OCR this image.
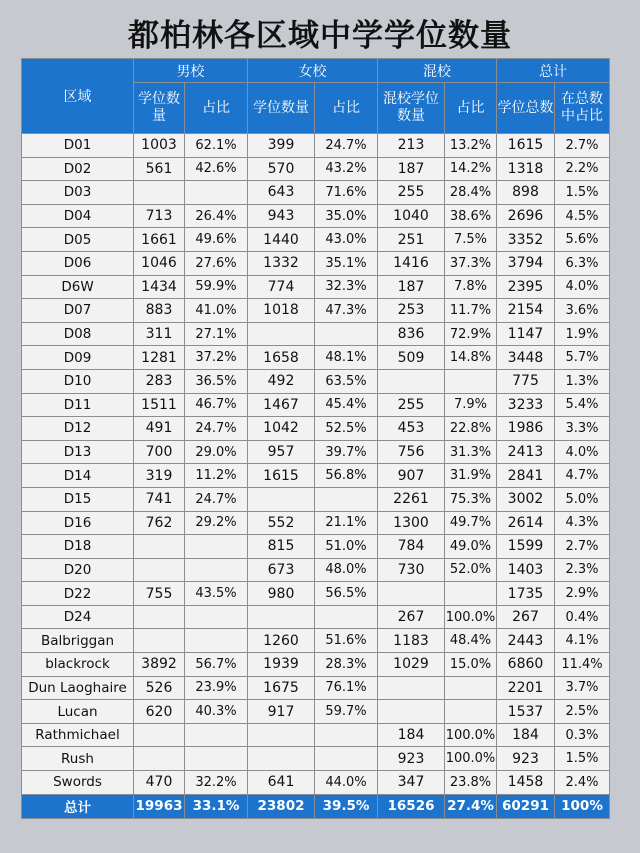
都柏林各区域中学学位数量
区域	男校		女校		混校		总计	
	学位数量	占比	学位数量	占比	混校学位数量	占比	学位总数	在总数中占比
D01	1003	62.1%	399	24.7%	213	13.2%	1615	2.7%
D02	561	42.6%	570	43.2%	187	14.2%	1318	2.2%
D03			643	71.6%	255	28.4%	898	1.5%
D04	713	26.4%	943	35.0%	1040	38.6%	2696	4.5%
D05	1661	49.6%	1440	43.0%	251	7.5%	3352	5.6%
D06	1046	27.6%	1332	35.1%	1416	37.3%	3794	6.3%
D6W	1434	59.9%	774	32.3%	187	7.8%	2395	4.0%
D07	883	41.0%	1018	47.3%	253	11.7%	2154	3.6%
D08	311	27.1%			836	72.9%	1147	1.9%
D09	1281	37.2%	1658	48.1%	509	14.8%	3448	5.7%
D10	283	36.5%	492	63.5%			775	1.3%
D11	1511	46.7%	1467	45.4%	255	7.9%	3233	5.4%
D12	491	24.7%	1042	52.5%	453	22.8%	1986	3.3%
D13	700	29.0%	957	39.7%	756	31.3%	2413	4.0%
D14	319	11.2%	1615	56.8%	907	31.9%	2841	4.7%
D15	741	24.7%			2261	75.3%	3002	5.0%
D16	762	29.2%	552	21.1%	1300	49.7%	2614	4.3%
D18			815	51.0%	784	49.0%	1599	2.7%
D20			673	48.0%	730	52.0%	1403	2.3%
D22	755	43.5%	980	56.5%			1735	2.9%
D24					267	100.0%	267	0.4%
Balbriggan			1260	51.6%	1183	48.4%	2443	4.1%
blackrock	3892	56.7%	1939	28.3%	1029	15.0%	6860	11.4%
Dun Laoghaire	526	23.9%	1675	76.1%			2201	3.7%
Lucan	620	40.3%	917	59.7%			1537	2.5%
Rathmichael					184	100.0%	184	0.3%
Rush					923	100.0%	923	1.5%
Swords	470	32.2%	641	44.0%	347	23.8%	1458	2.4%
总计	19963	33.1%	23802	39.5%	16526	27.4%	60291	100%
